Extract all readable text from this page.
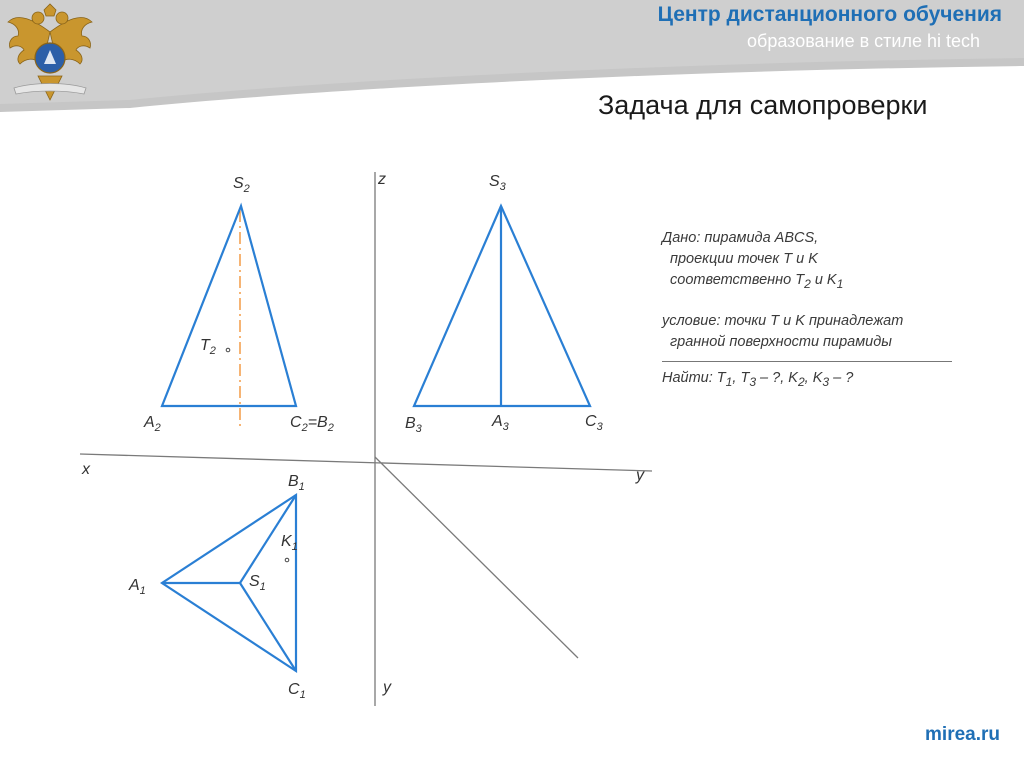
Центр дистанционного обучения
образование в стиле hi tech
Задача для самопроверки
$S_2$
$A_2$	$C_2=B_2$
$T_2$
$S_3$
$B_3$	$A_3$	$C_3$
$B_1$
$K_1$
$A_1$
$S_1$
$C_1$
z
x	y
y
Дано: пирамида ABCS,
проекции точек T и K
соответственно $T_2$ и $K_1$
условие: точки T и K принадлежат
гранной поверхности пирамиды
Найти: $T_1$, $T_3$ – ?, $K_2$, $K_3$ – ?
mirea.ru
